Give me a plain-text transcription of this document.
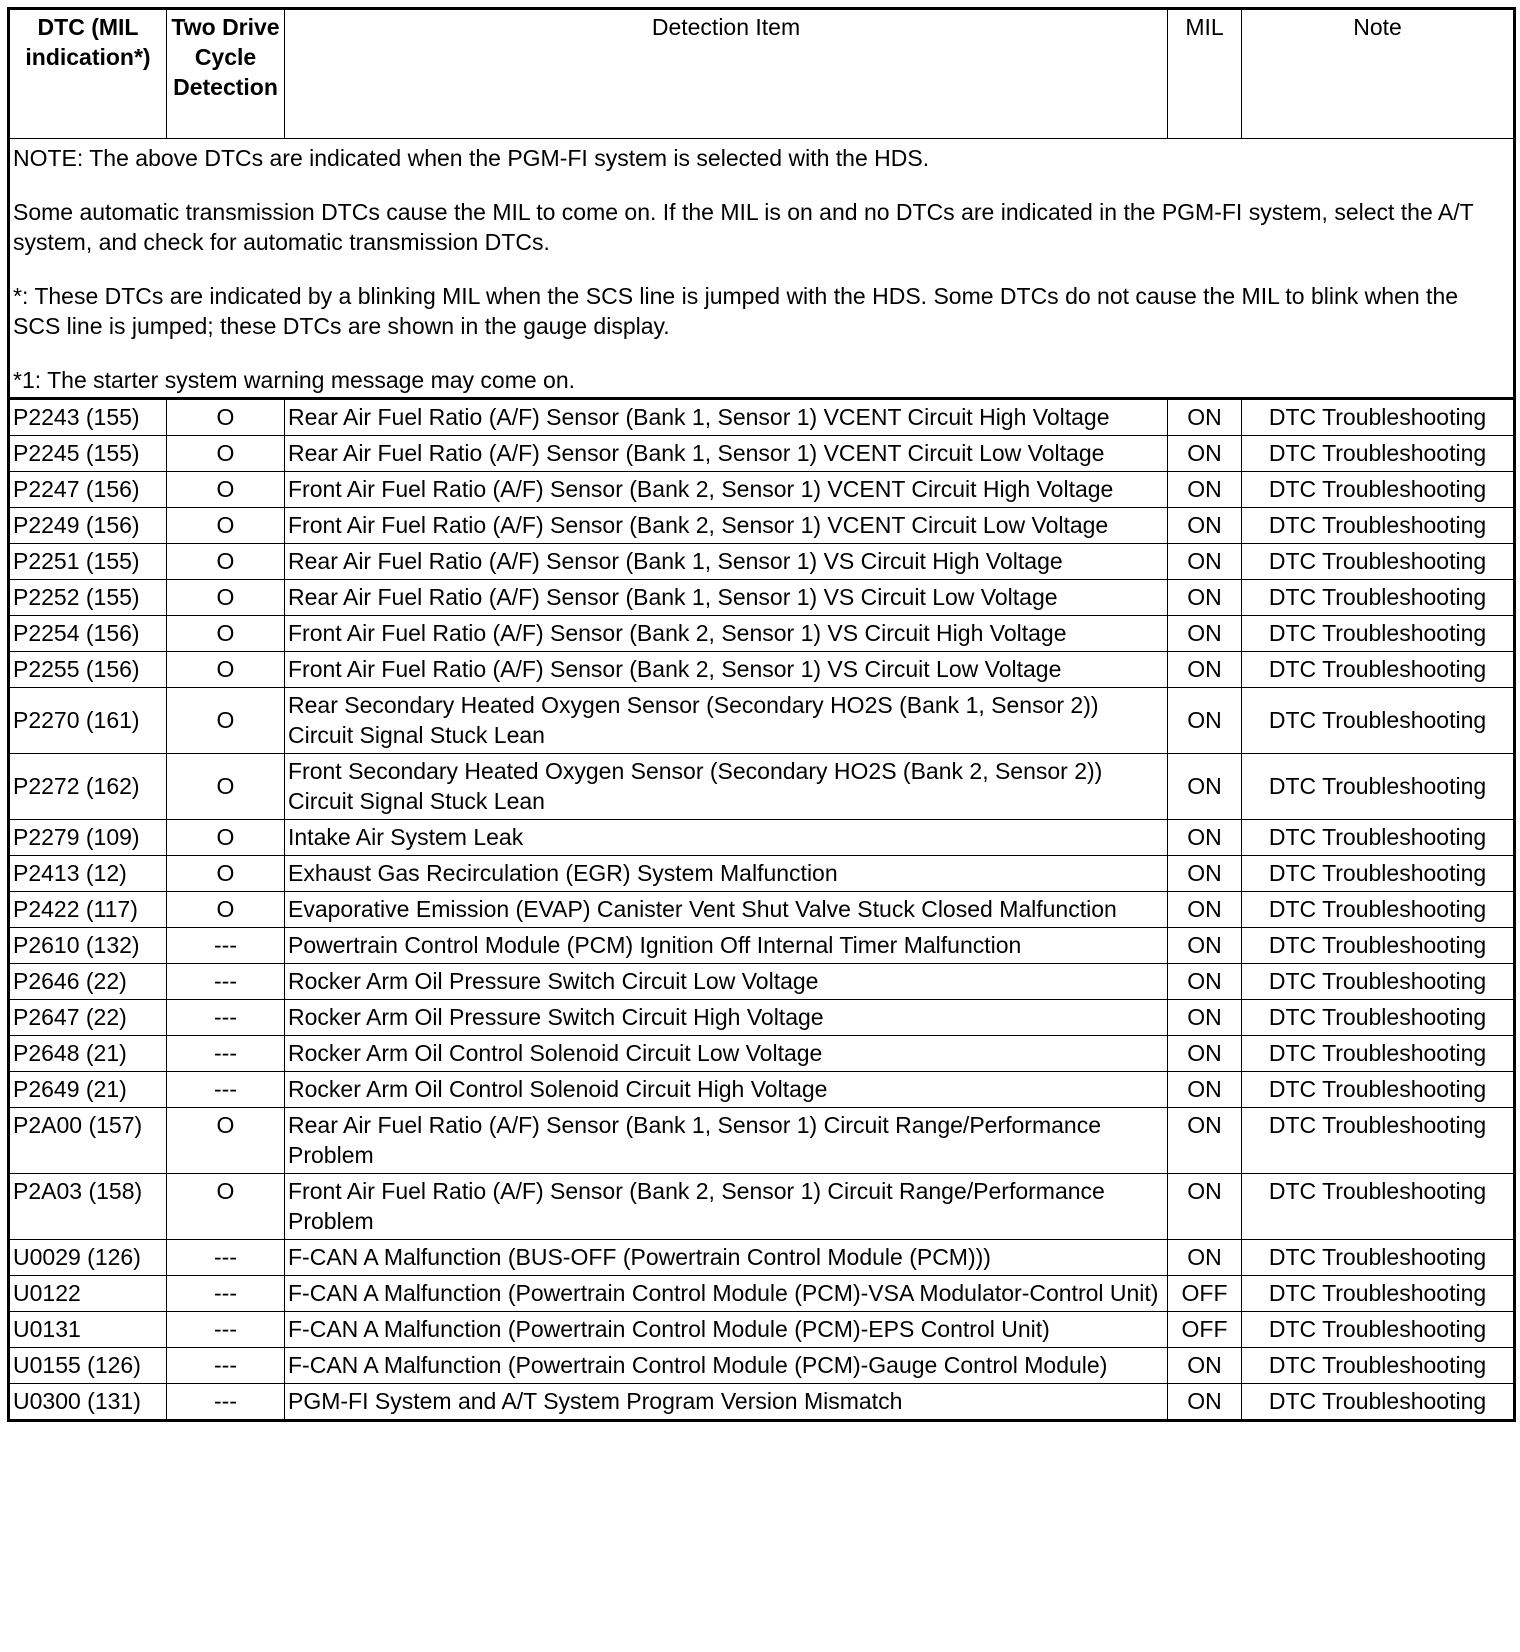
DTC (MIL indication*)	Two Drive Cycle Detection	Detection Item	MIL	Note

NOTE: The above DTCs are indicated when the PGM-FI system is selected with the HDS.
Some automatic transmission DTCs cause the MIL to come on. If the MIL is on and no DTCs are indicated in the PGM-FI system, select the A/T system, and check for automatic transmission DTCs.
*: These DTCs are indicated by a blinking MIL when the SCS line is jumped with the HDS. Some DTCs do not cause the MIL to blink when the SCS line is jumped; these DTCs are shown in the gauge display.
*1: The starter system warning message may come on.				

P2243 (155)	O	Rear Air Fuel Ratio (A/F) Sensor (Bank 1, Sensor 1) VCENT Circuit High Voltage	ON	DTC Troubleshooting
P2245 (155)	O	Rear Air Fuel Ratio (A/F) Sensor (Bank 1, Sensor 1) VCENT Circuit Low Voltage	ON	DTC Troubleshooting
P2247 (156)	O	Front Air Fuel Ratio (A/F) Sensor (Bank 2, Sensor 1) VCENT Circuit High Voltage	ON	DTC Troubleshooting
P2249 (156)	O	Front Air Fuel Ratio (A/F) Sensor (Bank 2, Sensor 1) VCENT Circuit Low Voltage	ON	DTC Troubleshooting
P2251 (155)	O	Rear Air Fuel Ratio (A/F) Sensor (Bank 1, Sensor 1) VS Circuit High Voltage	ON	DTC Troubleshooting
P2252 (155)	O	Rear Air Fuel Ratio (A/F) Sensor (Bank 1, Sensor 1) VS Circuit Low Voltage	ON	DTC Troubleshooting
P2254 (156)	O	Front Air Fuel Ratio (A/F) Sensor (Bank 2, Sensor 1) VS Circuit High Voltage	ON	DTC Troubleshooting
P2255 (156)	O	Front Air Fuel Ratio (A/F) Sensor (Bank 2, Sensor 1) VS Circuit Low Voltage	ON	DTC Troubleshooting
P2270 (161)	O	Rear Secondary Heated Oxygen Sensor (Secondary HO2S (Bank 1, Sensor 2)) Circuit Signal Stuck Lean	ON	DTC Troubleshooting
P2272 (162)	O	Front Secondary Heated Oxygen Sensor (Secondary HO2S (Bank 2, Sensor 2)) Circuit Signal Stuck Lean	ON	DTC Troubleshooting
P2279 (109)	O	Intake Air System Leak	ON	DTC Troubleshooting
P2413 (12)	O	Exhaust Gas Recirculation (EGR) System Malfunction	ON	DTC Troubleshooting
P2422 (117)	O	Evaporative Emission (EVAP) Canister Vent Shut Valve Stuck Closed Malfunction	ON	DTC Troubleshooting
P2610 (132)	---	Powertrain Control Module (PCM) Ignition Off Internal Timer Malfunction	ON	DTC Troubleshooting
P2646 (22)	---	Rocker Arm Oil Pressure Switch Circuit Low Voltage	ON	DTC Troubleshooting
P2647 (22)	---	Rocker Arm Oil Pressure Switch Circuit High Voltage	ON	DTC Troubleshooting
P2648 (21)	---	Rocker Arm Oil Control Solenoid Circuit Low Voltage	ON	DTC Troubleshooting
P2649 (21)	---	Rocker Arm Oil Control Solenoid Circuit High Voltage	ON	DTC Troubleshooting
P2A00 (157)	O	Rear Air Fuel Ratio (A/F) Sensor (Bank 1, Sensor 1) Circuit Range/Performance Problem	ON	DTC Troubleshooting
P2A03 (158)	O	Front Air Fuel Ratio (A/F) Sensor (Bank 2, Sensor 1) Circuit Range/Performance Problem	ON	DTC Troubleshooting
U0029 (126)	---	F-CAN A Malfunction (BUS-OFF (Powertrain Control Module (PCM)))	ON	DTC Troubleshooting
U0122	---	F-CAN A Malfunction (Powertrain Control Module (PCM)-VSA Modulator-Control Unit)	OFF	DTC Troubleshooting
U0131	---	F-CAN A Malfunction (Powertrain Control Module (PCM)-EPS Control Unit)	OFF	DTC Troubleshooting
U0155 (126)	---	F-CAN A Malfunction (Powertrain Control Module (PCM)-Gauge Control Module)	ON	DTC Troubleshooting
U0300 (131)	---	PGM-FI System and A/T System Program Version Mismatch	ON	DTC Troubleshooting
